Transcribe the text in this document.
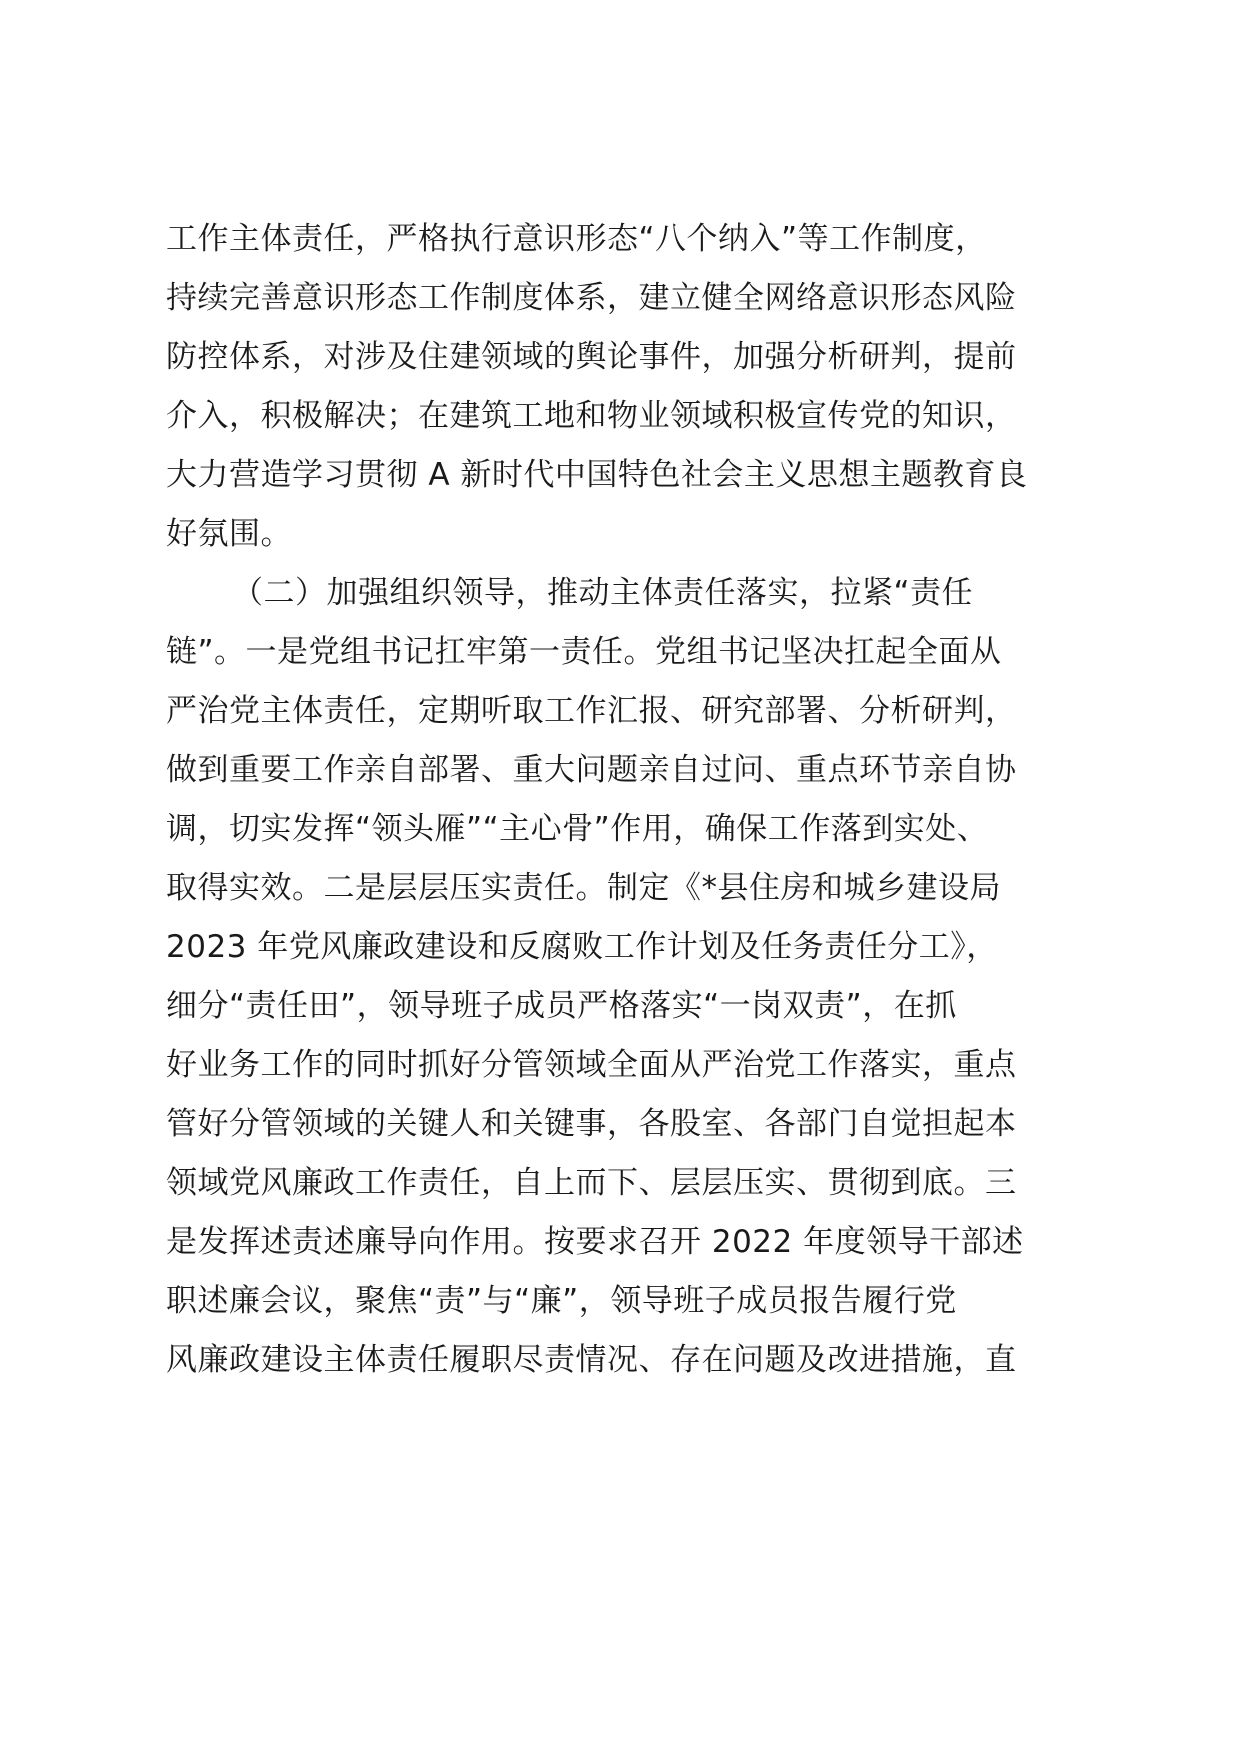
工作主体责任，严格执行意识形态“八个纳入”等工作制度，
持续完善意识形态工作制度体系，建立健全网络意识形态风险
防控体系，对涉及住建领域的舆论事件，加强分析研判，提前
介入，积极解决；在建筑工地和物业领域积极宣传党的知识，
大力营造学习贯彻 A 新时代中国特色社会主义思想主题教育良
好氛围。
（二）加强组织领导，推动主体责任落实，拉紧“责任
链”。一是党组书记扛牢第一责任。党组书记坚决扛起全面从
严治党主体责任，定期听取工作汇报、研究部署、分析研判，
做到重要工作亲自部署、重大问题亲自过问、重点环节亲自协
调，切实发挥“领头雁”“主心骨”作用，确保工作落到实处、
取得实效。二是层层压实责任。制定《*县住房和城乡建设局
2023 年党风廉政建设和反腐败工作计划及任务责任分工》，
细分“责任田”，领导班子成员严格落实“一岗双责”，在抓
好业务工作的同时抓好分管领域全面从严治党工作落实，重点
管好分管领域的关键人和关键事，各股室、各部门自觉担起本
领域党风廉政工作责任，自上而下、层层压实、贯彻到底。三
是发挥述责述廉导向作用。按要求召开 2022 年度领导干部述
职述廉会议，聚焦“责”与“廉”，领导班子成员报告履行党
风廉政建设主体责任履职尽责情况、存在问题及改进措施，直
